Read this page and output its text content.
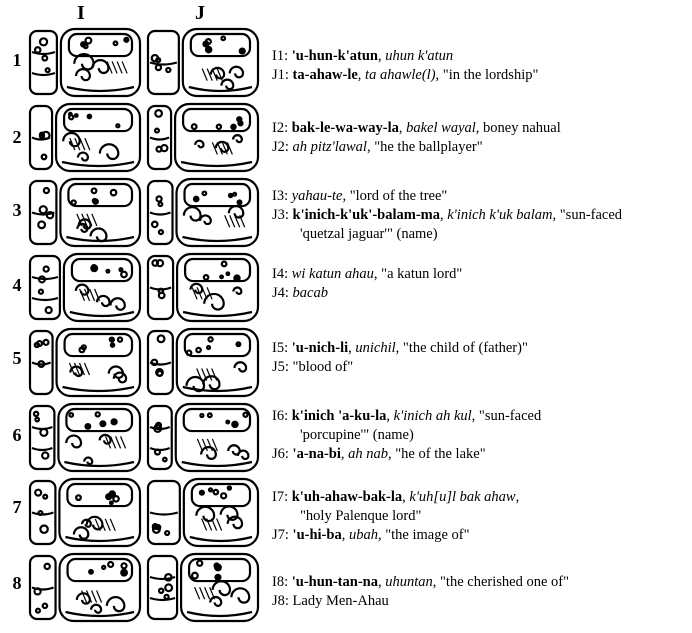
I	J
1
2
3
4
5
6
7
8
I1: 'u-hun-k'atun, uhun k'atun
J1: ta-ahaw-le, ta ahawle(l), "in the lordship"
I2: bak-le-wa-way-la, bakel wayal, boney nahual
J2: ah pitz'lawal, "he the ballplayer"
I3: yahau-te, "lord of the tree"
J3: k'inich-k'uk'-balam-ma, k'inich k'uk balam, "sun-faced
'quetzal jaguar'" (name)
I4: wi katun ahau, "a katun lord"
J4: bacab
I5: 'u-nich-li, unichil, "the child of (father)"
J5: "blood of"
I6: k'inich 'a-ku-la, k'inich ah kul, "sun-faced
'porcupine'" (name)
J6: 'a-na-bi, ah nab, "he of the lake"
I7: k'uh-ahaw-bak-la, k'uh[u]l bak ahaw,
"holy Palenque lord"
J7: 'u-hi-ba, ubah, "the image of"
I8: 'u-hun-tan-na, uhuntan, "the cherished one of"
J8: Lady Men-Ahau
